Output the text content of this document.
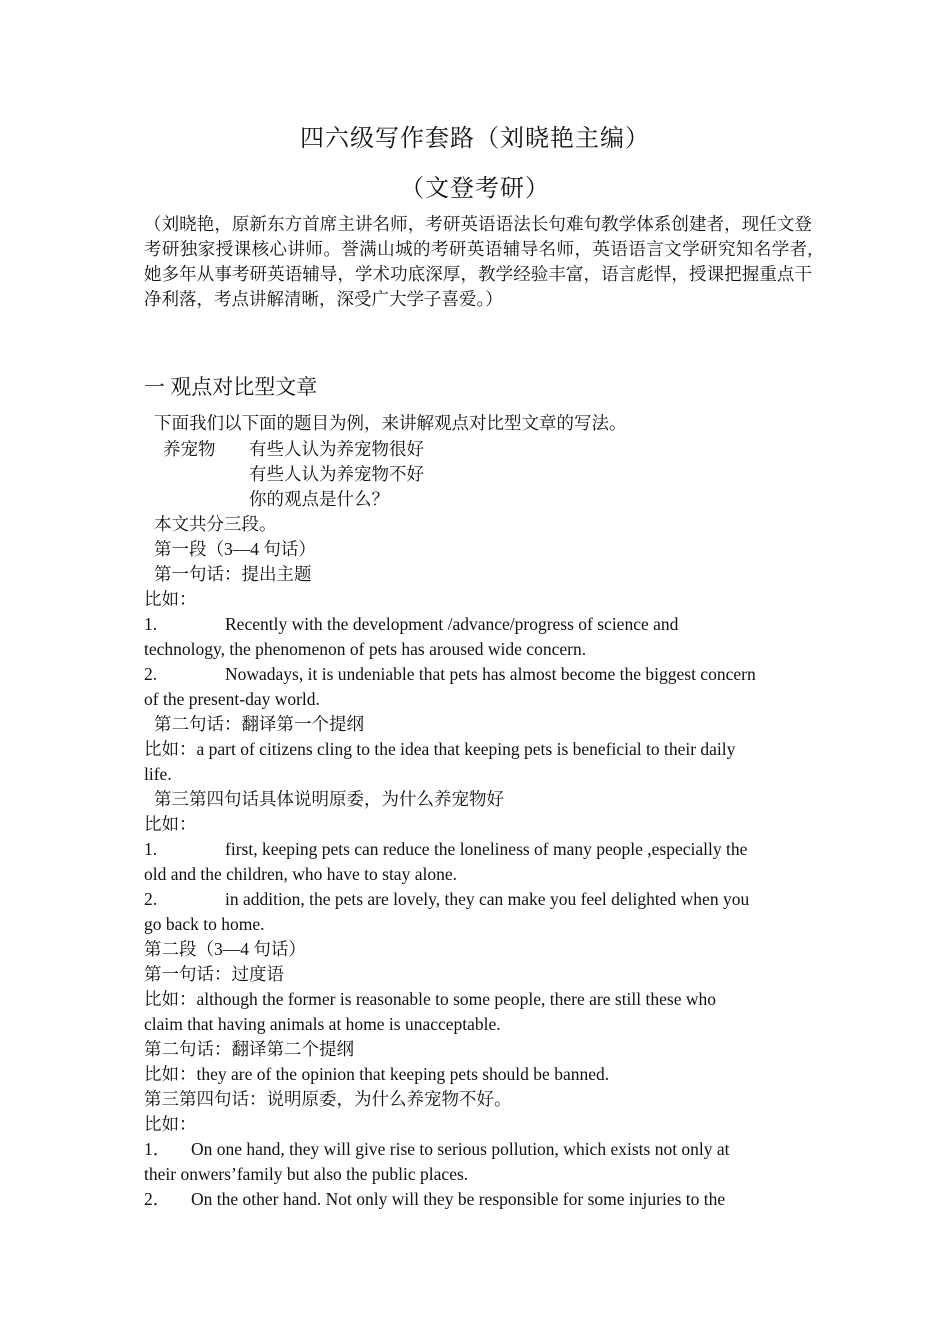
四六级写作套路（刘晓艳主编）
（文登考研）
（刘晓艳，原新东方首席主讲名师，考研英语语法长句难句教学体系创建者，现任文登考研独家授课核心讲师。誉满山城的考研英语辅导名师，英语语言文学研究知名学者, 她多年从事考研英语辅导，学术功底深厚，教学经验丰富，语言彪悍，授课把握重点干净利落，考点讲解清晰，深受广大学子喜爱。）
一 观点对比型文章
下面我们以下面的题目为例，来讲解观点对比型文章的写法。
养宠物 有些人认为养宠物很好
有些人认为养宠物不好
你的观点是什么？
本文共分三段。
第一段（3—4 句话）
第一句话：提出主题
比如：
1.	Recently with the development /advance/progress of science and
technology, the phenomenon of pets has aroused wide concern.
2.	Nowadays, it is undeniable that pets has almost become the biggest concern
of the present-day world.
第二句话：翻译第一个提纲
比如：a part of citizens cling to the idea that keeping pets is beneficial to their daily
life.
第三第四句话具体说明原委，为什么养宠物好
比如：
1.	first, keeping pets can reduce the loneliness of many people ,especially the
old and the children, who have to stay alone.
2.	in addition, the pets are lovely, they can make you feel delighted when you
go back to home.
第二段（3—4 句话）
第一句话：过度语
比如：although the former is reasonable to some people, there are still these who
claim that having animals at home is unacceptable.
第二句话：翻译第二个提纲
比如：they are of the opinion that keeping pets should be banned.
第三第四句话：说明原委，为什么养宠物不好。
比如：
1． On one hand, they will give rise to serious pollution, which exists not only at
their onwers’family but also the public places.
2． On the other hand. Not only will they be responsible for some injuries to the
